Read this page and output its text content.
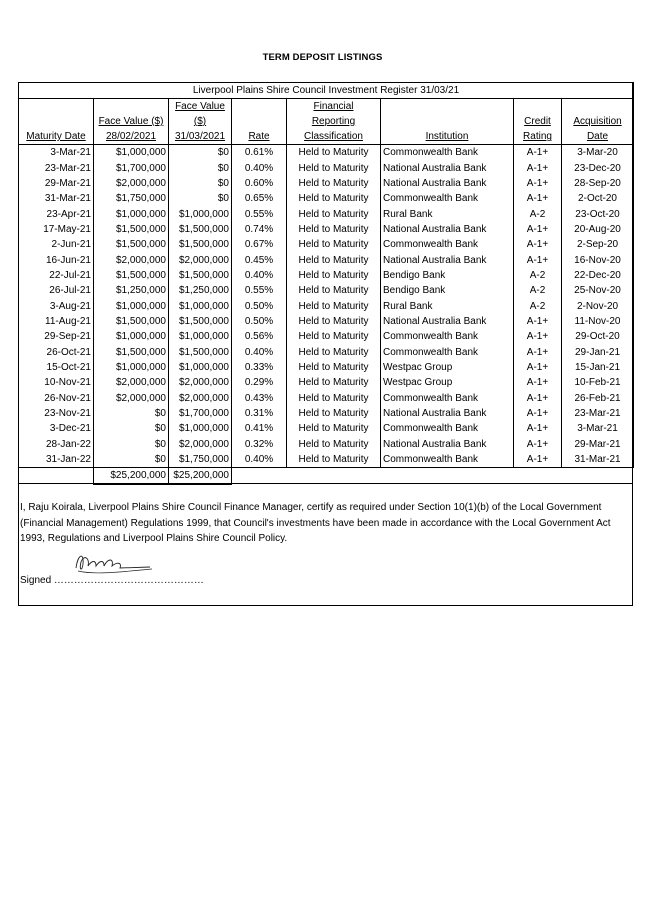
TERM DEPOSIT LISTINGS
Liverpool Plains Shire Council Investment Register 31/03/21							
		Face Value		Financial			
	Face Value ($)	($)		Reporting		Credit	Acquisition
Maturity Date	28/02/2021	31/03/2021	Rate	Classification	Institution	Rating	Date
3-Mar-21	$1,000,000	$0	0.61%	Held to Maturity	Commonwealth Bank	A-1+	3-Mar-20
23-Mar-21	$1,700,000	$0	0.40%	Held to Maturity	National Australia Bank	A-1+	23-Dec-20
29-Mar-21	$2,000,000	$0	0.60%	Held to Maturity	National Australia Bank	A-1+	28-Sep-20
31-Mar-21	$1,750,000	$0	0.65%	Held to Maturity	Commonwealth Bank	A-1+	2-Oct-20
23-Apr-21	$1,000,000	$1,000,000	0.55%	Held to Maturity	Rural Bank	A-2	23-Oct-20
17-May-21	$1,500,000	$1,500,000	0.74%	Held to Maturity	National Australia Bank	A-1+	20-Aug-20
2-Jun-21	$1,500,000	$1,500,000	0.67%	Held to Maturity	Commonwealth Bank	A-1+	2-Sep-20
16-Jun-21	$2,000,000	$2,000,000	0.45%	Held to Maturity	National Australia Bank	A-1+	16-Nov-20
22-Jul-21	$1,500,000	$1,500,000	0.40%	Held to Maturity	Bendigo Bank	A-2	22-Dec-20
26-Jul-21	$1,250,000	$1,250,000	0.55%	Held to Maturity	Bendigo Bank	A-2	25-Nov-20
3-Aug-21	$1,000,000	$1,000,000	0.50%	Held to Maturity	Rural Bank	A-2	2-Nov-20
11-Aug-21	$1,500,000	$1,500,000	0.50%	Held to Maturity	National Australia Bank	A-1+	11-Nov-20
29-Sep-21	$1,000,000	$1,000,000	0.56%	Held to Maturity	Commonwealth Bank	A-1+	29-Oct-20
26-Oct-21	$1,500,000	$1,500,000	0.40%	Held to Maturity	Commonwealth Bank	A-1+	29-Jan-21
15-Oct-21	$1,000,000	$1,000,000	0.33%	Held to Maturity	Westpac Group	A-1+	15-Jan-21
10-Nov-21	$2,000,000	$2,000,000	0.29%	Held to Maturity	Westpac Group	A-1+	10-Feb-21
26-Nov-21	$2,000,000	$2,000,000	0.43%	Held to Maturity	Commonwealth Bank	A-1+	26-Feb-21
23-Nov-21	$0	$1,700,000	0.31%	Held to Maturity	National Australia Bank	A-1+	23-Mar-21
3-Dec-21	$0	$1,000,000	0.41%	Held to Maturity	Commonwealth Bank	A-1+	3-Mar-21
28-Jan-22	$0	$2,000,000	0.32%	Held to Maturity	National Australia Bank	A-1+	29-Mar-21
31-Jan-22	$0	$1,750,000	0.40%	Held to Maturity	Commonwealth Bank	A-1+	31-Mar-21
	$25,200,000	$25,200,000					
I, Raju Koirala, Liverpool Plains Shire Council Finance Manager, certify as required under Section 10(1)(b) of the Local Government (Financial Management) Regulations 1999, that Council's investments have been made in accordance with the Local Government Act 1993, Regulations and Liverpool Plains Shire Council Policy.
Signed ………………………………………
